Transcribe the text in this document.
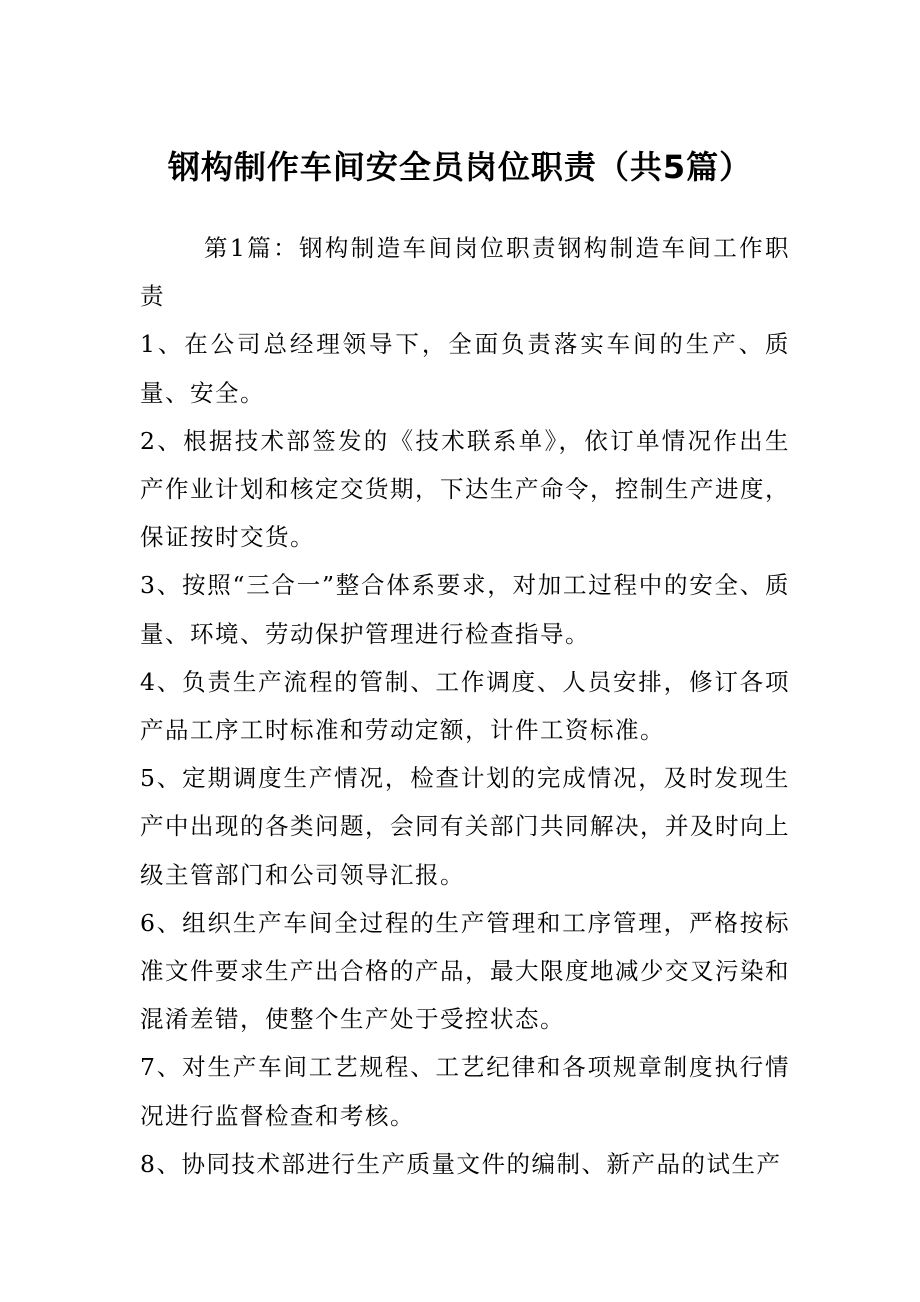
钢构制作车间安全员岗位职责（共5篇）

第1篇：钢构制造车间岗位职责钢构制造车间工作职责

1、在公司总经理领导下，全面负责落实车间的生产、质量、安全。

2、根据技术部签发的《技术联系单》，依订单情况作出生产作业计划和核定交货期，下达生产命令，控制生产进度，保证按时交货。

3、按照“三合一”整合体系要求，对加工过程中的安全、质量、环境、劳动保护管理进行检查指导。

4、负责生产流程的管制、工作调度、人员安排，修订各项产品工序工时标准和劳动定额，计件工资标准。

5、定期调度生产情况，检查计划的完成情况，及时发现生产中出现的各类问题，会同有关部门共同解决，并及时向上级主管部门和公司领导汇报。

6、组织生产车间全过程的生产管理和工序管理，严格按标准文件要求生产出合格的产品，最大限度地减少交叉污染和混淆差错，使整个生产处于受控状态。

7、对生产车间工艺规程、工艺纪律和各项规章制度执行情况进行监督检查和考核。

8、协同技术部进行生产质量文件的编制、新产品的试生产
